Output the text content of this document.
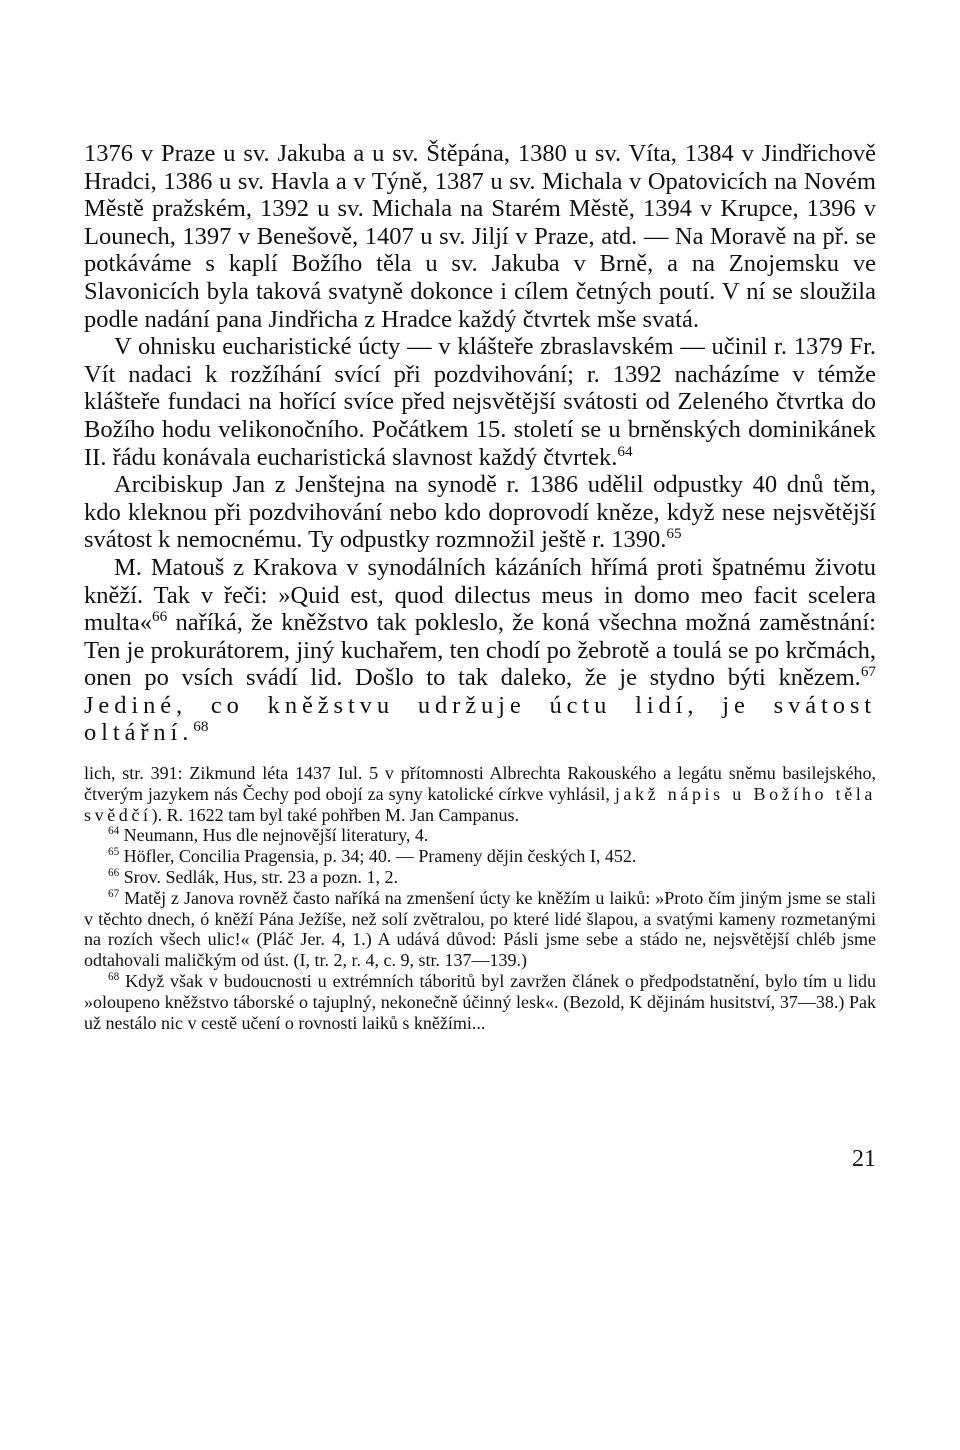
1376 v Praze u sv. Jakuba a u sv. Štěpána, 1380 u sv. Víta, 1384 v Jindřichově Hradci, 1386 u sv. Havla a v Týně, 1387 u sv. Michala v Opatovicích na Novém Městě pražském, 1392 u sv. Michala na Starém Městě, 1394 v Krupce, 1396 v Lounech, 1397 v Benešově, 1407 u sv. Jiljí v Praze, atd. — Na Moravě na př. se potkáváme s kaplí Božího těla u sv. Jakuba v Brně, a na Znojemsku ve Slavonicích byla taková svatyně dokonce i cílem četných poutí. V ní se sloužila podle nadání pana Jindřicha z Hradce každý čtvrtek mše svatá.

V ohnisku eucharistické úcty — v klášteře zbraslavském — učinil r. 1379 Fr. Vít nadaci k rozžíhání svící při pozdvihování; r. 1392 nacházíme v témže klášteře fundaci na hořící svíce před nejsvětější svátosti od Zeleného čtvrtka do Božího hodu velikonočního. Počátkem 15. století se u brněnských dominikánek II. řádu konávala eucharistická slavnost každý čtvrtek.$^{64}$

Arcibiskup Jan z Jenštejna na synodě r. 1386 udělil odpustky 40 dnů těm, kdo kleknou při pozdvihování nebo kdo doprovodí kněze, když nese nejsvětější svátost k nemocnému. Ty odpustky rozmnožil ještě r. 1390.65

M. Matouš z Krakova v synodálních kázáních hřímá proti špatnému životu kněží. Tak v řeči: »Quid est, quod dilectus meus in domo meo facit scelera multa«$^{66}$ naříká, že kněžstvo tak pokleslo, že koná všechna možná zaměstnání: Ten je prokurátorem, jiný kuchařem, ten chodí po žebrotě a toulá se po krčmách, onen po vsích svádí lid. Došlo to tak daleko, že je stydno býti knězem.$^{67}$ Jediné, co kněžstvu udržuje úctu lidí, je svátost oltářní.$^{68}$

lich, str. 391: Zikmund léta 1437 Iul. 5 v přítomnosti Albrechta Rakouského a legátu sněmu basilejského, čtverým jazykem nás Čechy pod obojí za syny katolické církve vyhlásil, jakž nápis u Božího těla svědčí). R. 1622 tam byl také pohřben M. Jan Campanus.

$^{64}$ Neumann, Hus dle nejnovější literatury, 4.

$^{65}$ Höfler, Concilia Pragensia, p. 34; 40. — Prameny dějin českých I, 452.

$^{66}$ Srov. Sedlák, Hus, str. 23 a pozn. 1, 2.

$^{67}$ Matěj z Janova rovněž často naříká na zmenšení úcty ke kněžím u laiků: »Proto čím jiným jsme se stali v těchto dnech, ó kněží Pána Ježíše, než solí zvětralou, po které lidé šlapou, a svatými kameny rozmetanými na rozích všech ulic!« (Pláč Jer. 4, 1.) A udává důvod: Pásli jsme sebe a stádo ne, nejsvětější chléb jsme odtahovali maličkým od úst. (I, tr. 2, r. 4, c. 9, str. 137—139.)

$^{68}$ Když však v budoucnosti u extrémních táboritů byl zavržen článek o předpodstatnění, bylo tím u lidu »oloupeno kněžstvo táborské o tajuplný, nekonečně účinný lesk«. (Bezold, K dějinám husitství, 37—38.) Pak už nestálo nic v cestě učení o rovnosti laiků s kněžími...

21
